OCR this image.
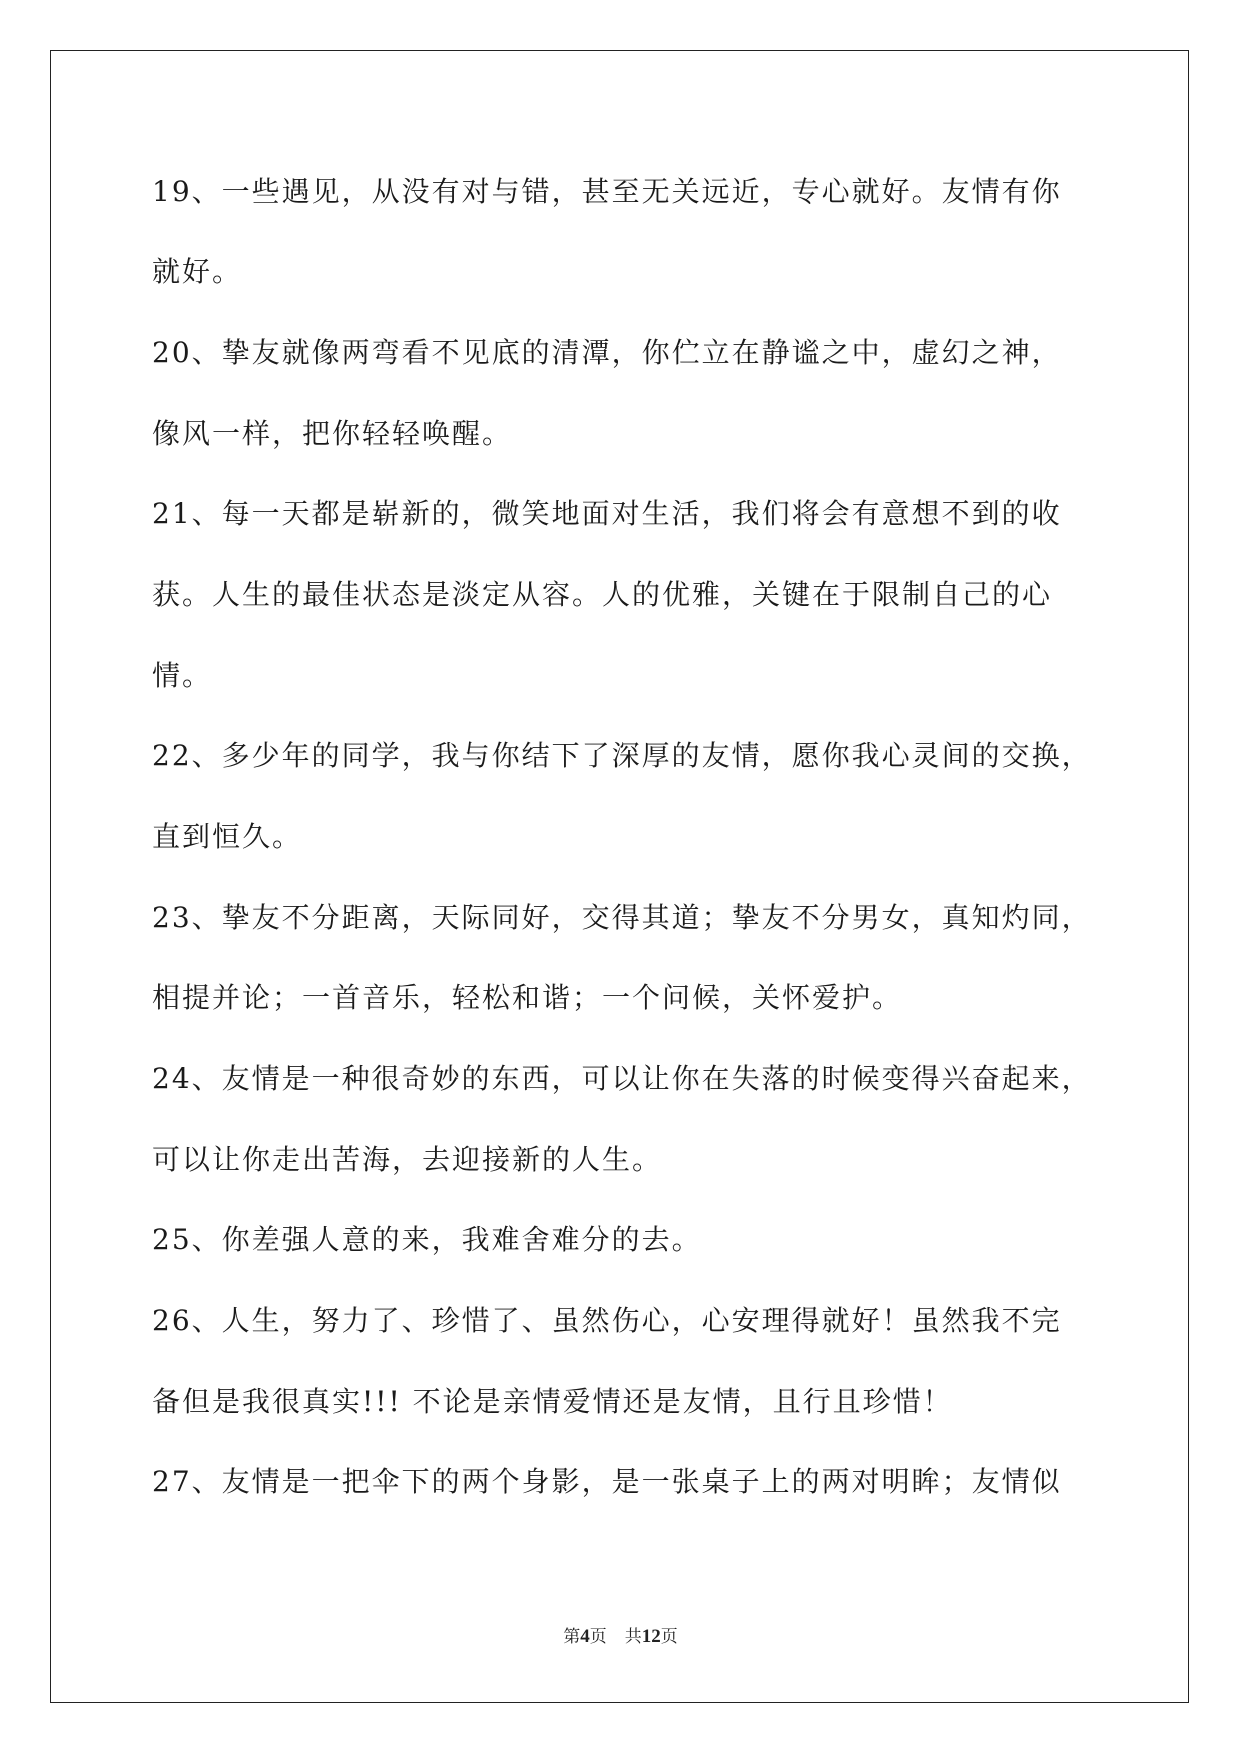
19、一些遇见，从没有对与错，甚至无关远近，专心就好。友情有你
就好。
20、挚友就像两弯看不见底的清潭，你伫立在静谧之中，虚幻之神，
像风一样，把你轻轻唤醒。
21、每一天都是崭新的，微笑地面对生活，我们将会有意想不到的收
获。人生的最佳状态是淡定从容。人的优雅，关键在于限制自己的心
情。
22、多少年的同学，我与你结下了深厚的友情，愿你我心灵间的交换，
直到恒久。
23、挚友不分距离，天际同好，交得其道；挚友不分男女，真知灼同，
相提并论；一首音乐，轻松和谐；一个问候，关怀爱护。
24、友情是一种很奇妙的东西，可以让你在失落的时候变得兴奋起来，
可以让你走出苦海，去迎接新的人生。
25、你差强人意的来，我难舍难分的去。
26、人生，努力了、珍惜了、虽然伤心，心安理得就好！虽然我不完
备但是我很真实!!! 不论是亲情爱情还是友情，且行且珍惜！
27、友情是一把伞下的两个身影，是一张桌子上的两对明眸；友情似
第4页 共12页
